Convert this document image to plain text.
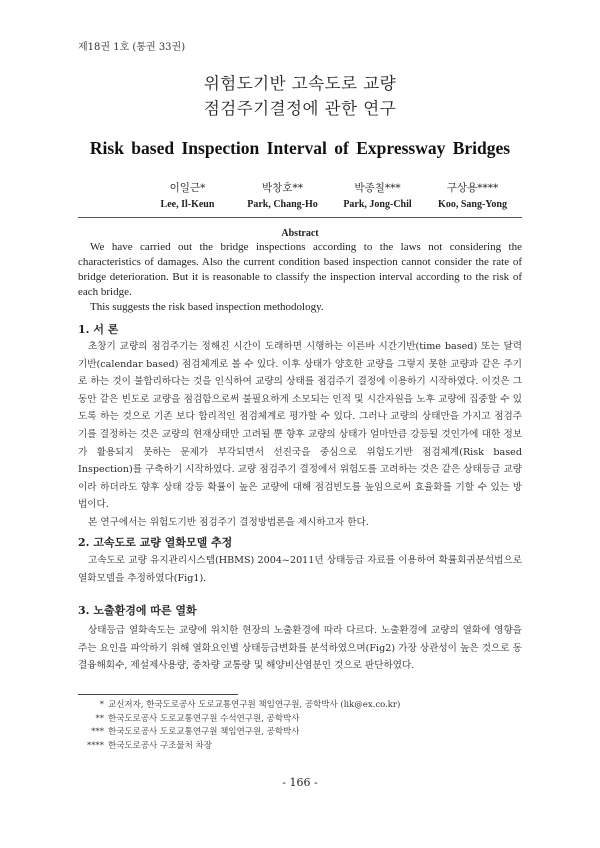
제18권 1호 (통권 33권)
위험도기반 고속도로 교량
점검주기결정에 관한 연구
Risk based Inspection Interval of Expressway Bridges
이일근*
Lee, Il-Keun
박창호**
Park, Chang-Ho
박종칠***
Park, Jong-Chil
구상용****
Koo, Sang-Yong
Abstract

We have carried out the bridge inspections according to the laws not considering the characteristics of damages. Also the current condition based inspection cannot consider the rate of bridge deterioration. But it is reasonable to classify the inspection interval according to the risk of each bridge.

This suggests the risk based inspection methodology.

1. 서 론

초창기 교량의 점검주기는 정해진 시간이 도래하면 시행하는 이른바 시간기반(time based) 또는 달력기반(calendar based) 점검체계로 볼 수 있다. 이후 상태가 양호한 교량을 그렇지 못한 교량과 같은 주기로 하는 것이 불합리하다는 것을 인식하여 교량의 상태를 점검주기 결정에 이용하기 시작하였다. 이것은 그동안 같은 빈도로 교량을 점검함으로써 불필요하게 소모되는 인적 및 시간자원을 노후 교량에 집중할 수 있도록 하는 것으로 기존 보다 합리적인 점검체계로 평가할 수 있다. 그러나 교량의 상태만을 가지고 점검주기를 결정하는 것은 교량의 현재상태만 고려될 뿐 향후 교량의 상태가 얼마만큼 강등될 것인가에 대한 정보가 활용되지 못하는 문제가 부각되면서 선진국을 중심으로 위험도기반 점검체계(Risk based Inspection)를 구축하기 시작하였다. 교량 점검주기 결정에서 위험도를 고려하는 것은 같은 상태등급 교량이라 하더라도 향후 상태 강등 확률이 높은 교량에 대해 점검빈도를 높임으로써 효율화를 기할 수 있는 방법이다.

본 연구에서는 위험도기반 점검주기 결정방법론을 제시하고자 한다.

2. 고속도로 교량 열화모델 추정

고속도로 교량 유지관리시스템(HBMS) 2004~2011년 상태등급 자료를 이용하여 확률회귀분석법으로 열화모델을 추정하였다(Fig1).

3. 노출환경에 따른 열화

상태등급 열화속도는 교량에 위치한 현장의 노출환경에 따라 다르다. 노출환경에 교량의 열화에 영향을 주는 요인을 파악하기 위해 열화요인별 상태등급변화를 분석하였으며(Fig2) 가장 상관성이 높은 것으로 동결융해회수, 제설제사용량, 중차량 교통량 및 해양비산염분인 것으로 판단하였다.

* 교신저자, 한국도로공사 도로교통연구원 책임연구원, 공학박사 (lik@ex.co.kr)
** 한국도로공사 도로교통연구원 수석연구원, 공학박사
*** 한국도로공사 도로교통연구원 책임연구원, 공학박사
**** 한국도로공사 구조물처 차장
- 166 -
